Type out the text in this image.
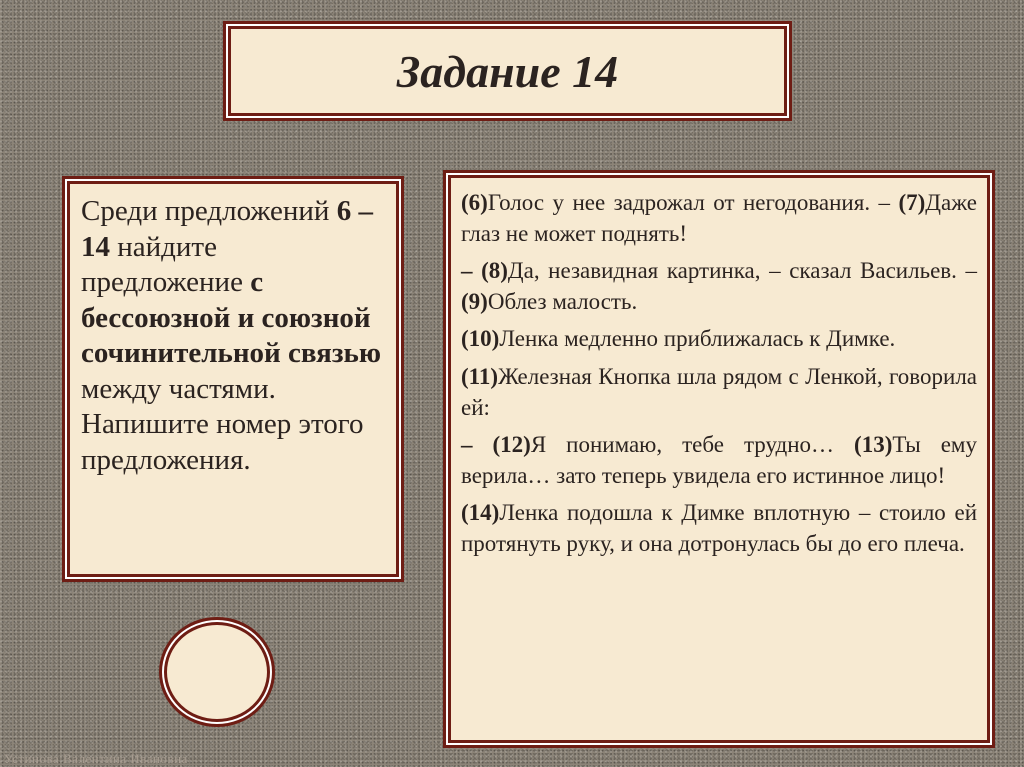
Задание 14
Среди предложений 6 – 14 найдите предложение с бессоюзной и союзной сочинительной связью между частями. Напишите номер этого предложения.

(6)Голос у нее задрожал от негодования. – (7)Даже глаз не может поднять!

– (8)Да, незавидная картинка, – сказал Васильев. – (9)Облез малость.

(10)Ленка медленно приближалась к Димке.

(11)Железная Кнопка шла рядом с Ленкой, говорила ей:

– (12)Я понимаю, тебе трудно… (13)Ты ему верила… зато теперь увидела его истинное лицо!

(14)Ленка подошла к Димке вплотную – стоило ей протянуть руку, и она дотронулась бы до его плеча.

Устинова Валентина Ивановна
